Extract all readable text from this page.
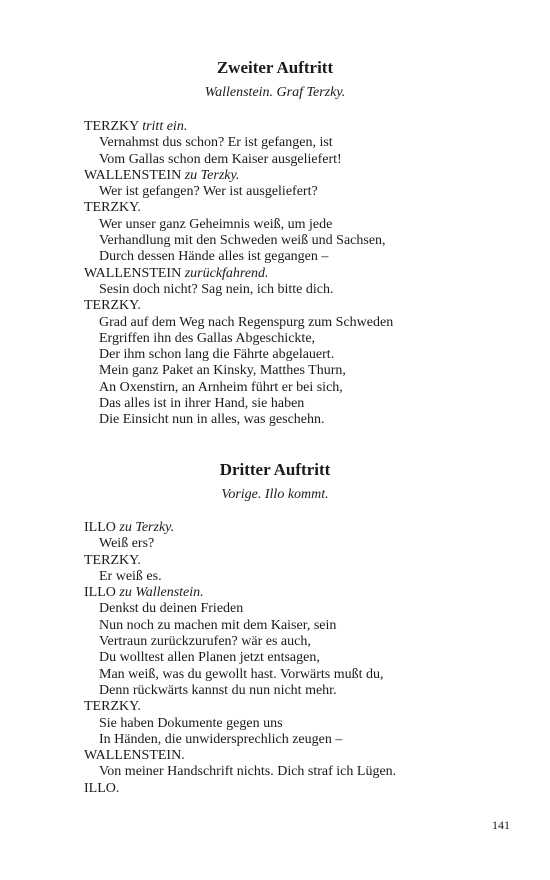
Zweiter Auftritt

Wallenstein. Graf Terzky.

TERZKY tritt ein.
Vernahmst dus schon? Er ist gefangen, ist
Vom Gallas schon dem Kaiser ausgeliefert!
WALLENSTEIN zu Terzky.
Wer ist gefangen? Wer ist ausgeliefert?
TERZKY.
Wer unser ganz Geheimnis weiß, um jede
Verhandlung mit den Schweden weiß und Sachsen,
Durch dessen Hände alles ist gegangen –
WALLENSTEIN zurückfahrend.
Sesin doch nicht? Sag nein, ich bitte dich.
TERZKY.
Grad auf dem Weg nach Regenspurg zum Schweden
Ergriffen ihn des Gallas Abgeschickte,
Der ihm schon lang die Fährte abgelauert.
Mein ganz Paket an Kinsky, Matthes Thurn,
An Oxenstirn, an Arnheim führt er bei sich,
Das alles ist in ihrer Hand, sie haben
Die Einsicht nun in alles, was geschehn.

Dritter Auftritt

Vorige. Illo kommt.

ILLO zu Terzky.
Weiß ers?
TERZKY.
Er weiß es.
ILLO zu Wallenstein.
Denkst du deinen Frieden
Nun noch zu machen mit dem Kaiser, sein
Vertraun zurückzurufen? wär es auch,
Du wolltest allen Planen jetzt entsagen,
Man weiß, was du gewollt hast. Vorwärts mußt du,
Denn rückwärts kannst du nun nicht mehr.
TERZKY.
Sie haben Dokumente gegen uns
In Händen, die unwidersprechlich zeugen –
WALLENSTEIN.
Von meiner Handschrift nichts. Dich straf ich Lügen.
ILLO.
141
